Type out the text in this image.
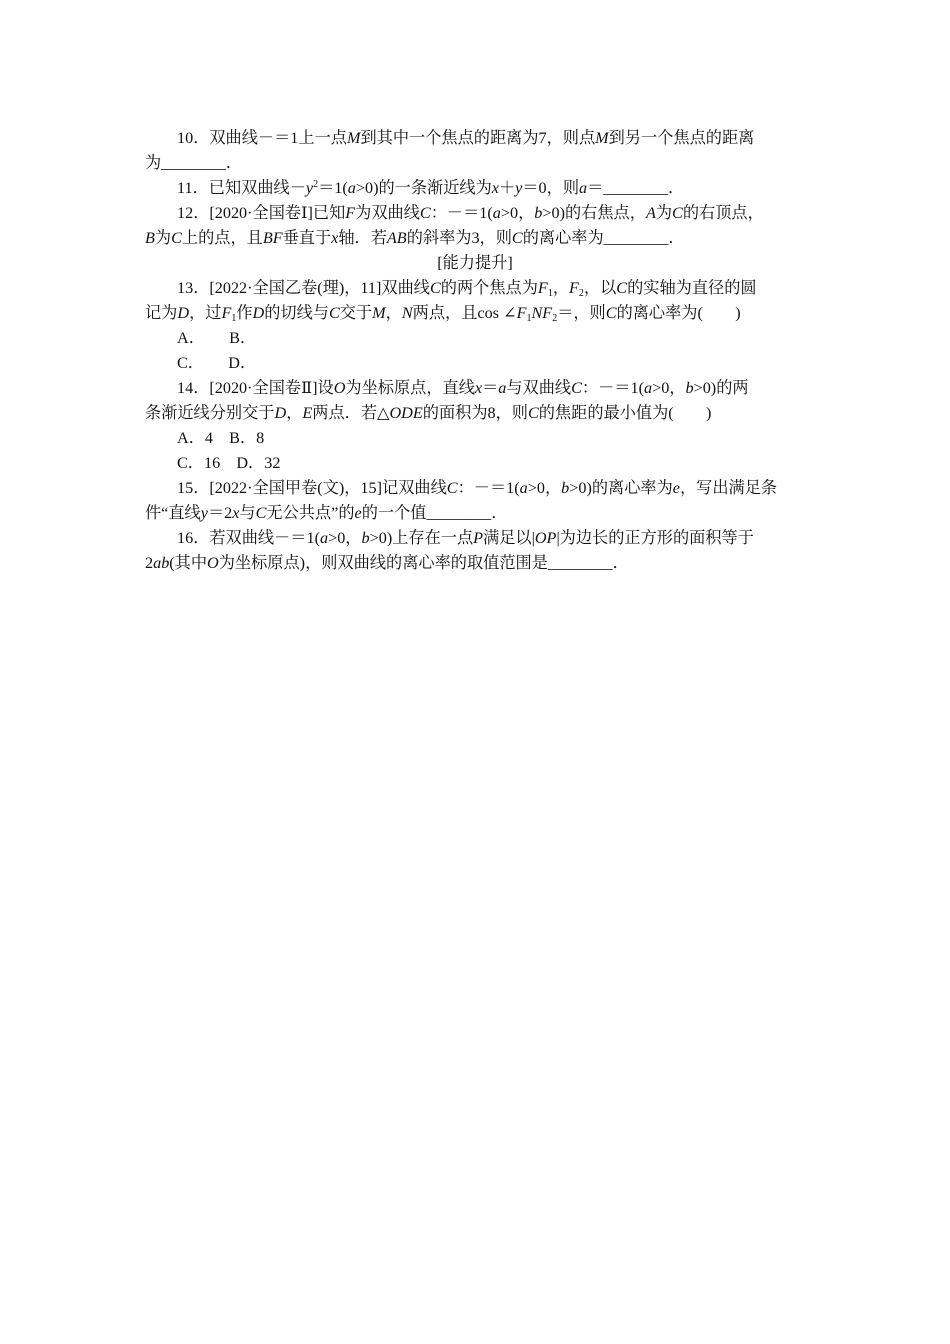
10．双曲线－＝1上一点M到其中一个焦点的距离为7，则点M到另一个焦点的距离
为________．
11．已知双曲线$-y^2=1(a>0)$的一条渐近线为x＋y＝0，则a＝________．
12．[2020·全国卷Ⅰ]已知F为双曲线C：－＝1(a>0，b>0)的右焦点，A为C的右顶点，
B为C上的点，且BF垂直于x轴．若AB的斜率为3，则C的离心率为________．
[能力提升]
13．[2022·全国乙卷(理)，11]双曲线C的两个焦点为$F_1$，$F_2$，以C的实轴为直径的圆
记为D，过$F_1$作D的切线与C交于M，N两点，且$\cos \angle F_1NF_2=$，则C的离心率为(　　)
A．　　B．
C．　　D．
14．[2020·全国卷Ⅱ]设O为坐标原点，直线x＝a与双曲线C：－＝1(a>0，b>0)的两
条渐近线分别交于D，E两点．若△ODE的面积为8，则C的焦距的最小值为(　　)
A．4　B．8
C．16　D．32
15．[2022·全国甲卷(文)，15]记双曲线C：－＝1(a>0，b>0)的离心率为e，写出满足条
件“直线y＝2x与C无公共点”的e的一个值________．
16．若双曲线－＝1(a>0，b>0)上存在一点P满足以|OP|为边长的正方形的面积等于
2ab(其中O为坐标原点)，则双曲线的离心率的取值范围是________．
